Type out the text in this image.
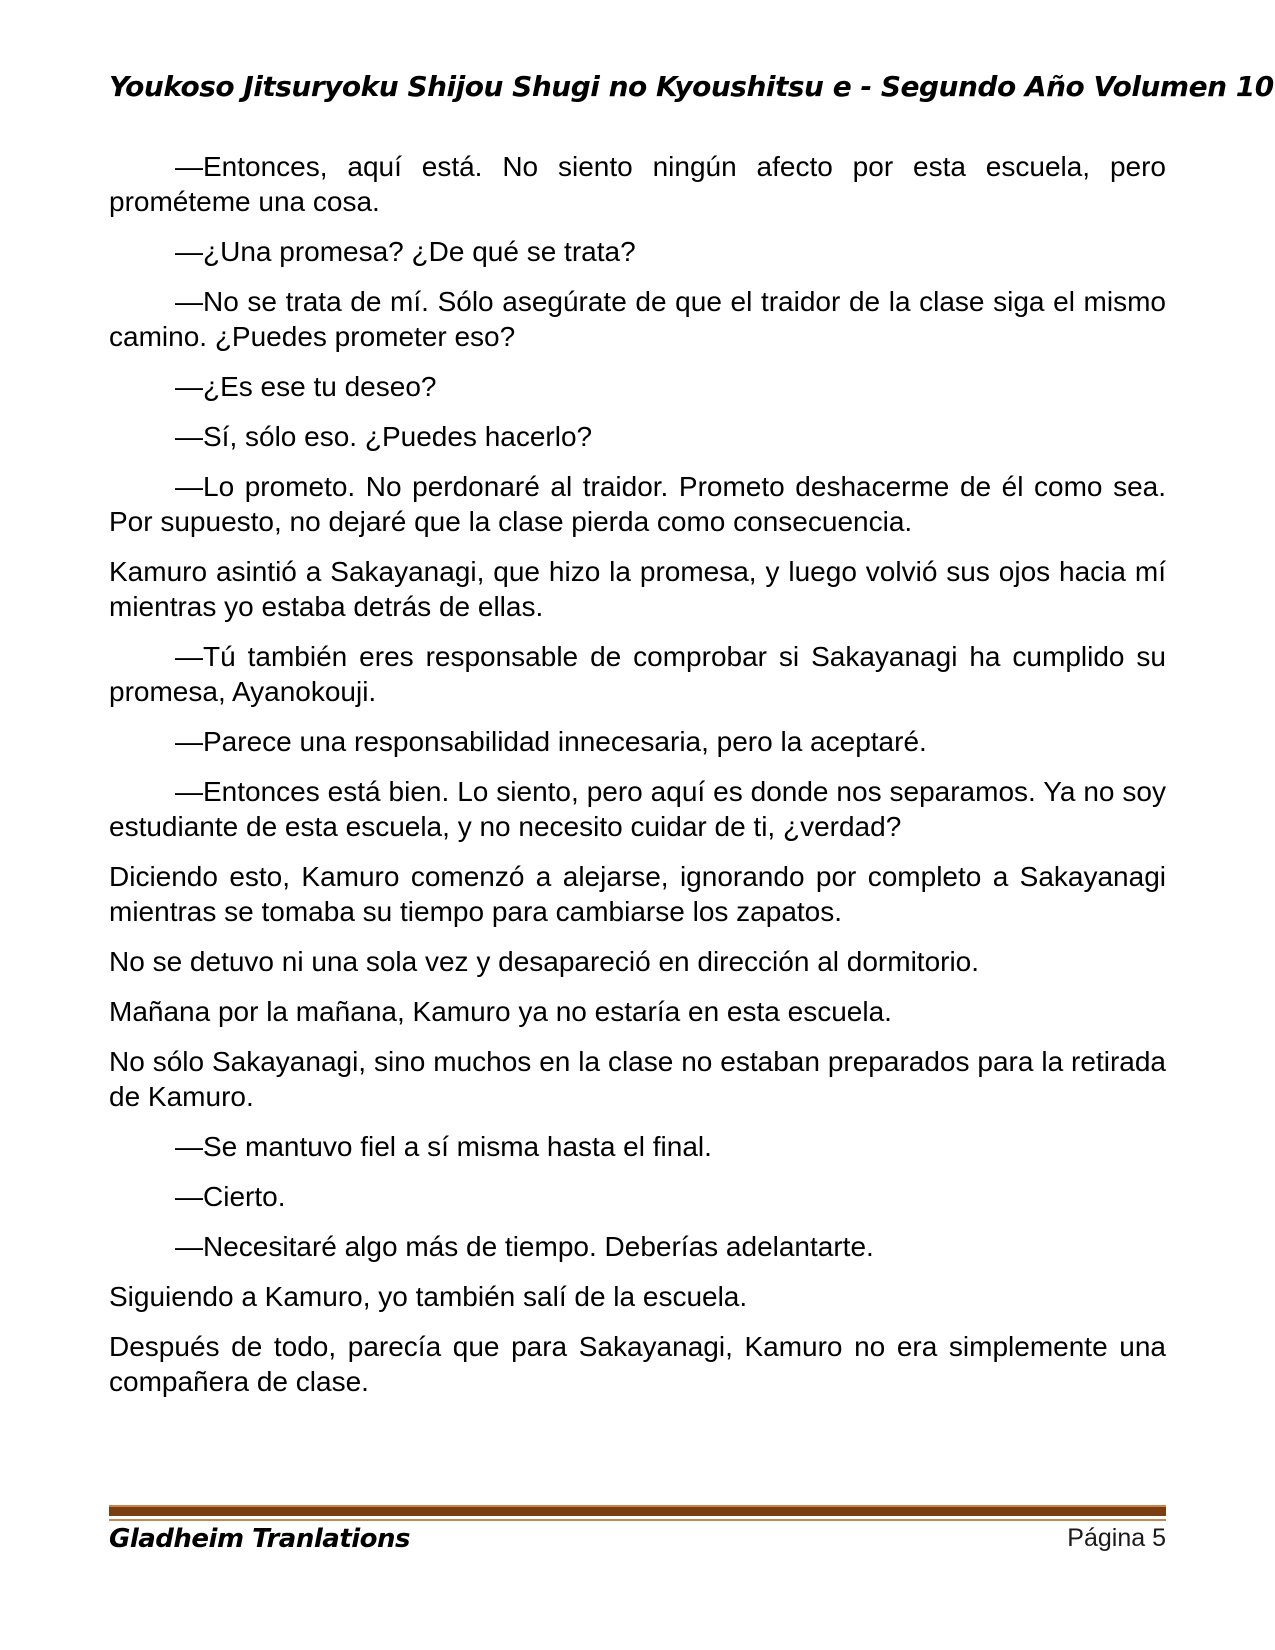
Youkoso Jitsuryoku Shijou Shugi no Kyoushitsu e - Segundo Año Volumen 10

—Entonces, aquí está. No siento ningún afecto por esta escuela, pero prométeme una cosa.

—¿Una promesa? ¿De qué se trata?

—No se trata de mí. Sólo asegúrate de que el traidor de la clase siga el mismo camino. ¿Puedes prometer eso?

—¿Es ese tu deseo?

—Sí, sólo eso. ¿Puedes hacerlo?

—Lo prometo. No perdonaré al traidor. Prometo deshacerme de él como sea. Por supuesto, no dejaré que la clase pierda como consecuencia.

Kamuro asintió a Sakayanagi, que hizo la promesa, y luego volvió sus ojos hacia mí mientras yo estaba detrás de ellas.

—Tú también eres responsable de comprobar si Sakayanagi ha cumplido su promesa, Ayanokouji.

—Parece una responsabilidad innecesaria, pero la aceptaré.

—Entonces está bien. Lo siento, pero aquí es donde nos separamos. Ya no soy estudiante de esta escuela, y no necesito cuidar de ti, ¿verdad?

Diciendo esto, Kamuro comenzó a alejarse, ignorando por completo a Sakayanagi mientras se tomaba su tiempo para cambiarse los zapatos.

No se detuvo ni una sola vez y desapareció en dirección al dormitorio.

Mañana por la mañana, Kamuro ya no estaría en esta escuela.

No sólo Sakayanagi, sino muchos en la clase no estaban preparados para la retirada de Kamuro.

—Se mantuvo fiel a sí misma hasta el final.

—Cierto.

—Necesitaré algo más de tiempo. Deberías adelantarte.

Siguiendo a Kamuro, yo también salí de la escuela.

Después de todo, parecía que para Sakayanagi, Kamuro no era simplemente una compañera de clase.

Gladheim Tranlations	Página 5
